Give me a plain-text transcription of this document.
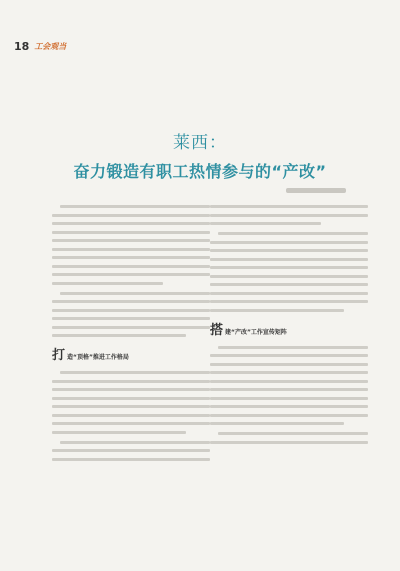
18 工会观当
莱西：
奋力锻造有职工热情参与的“产改”
打 造“顶格”推进工作格局
搭 建“产改”工作宣传矩阵
